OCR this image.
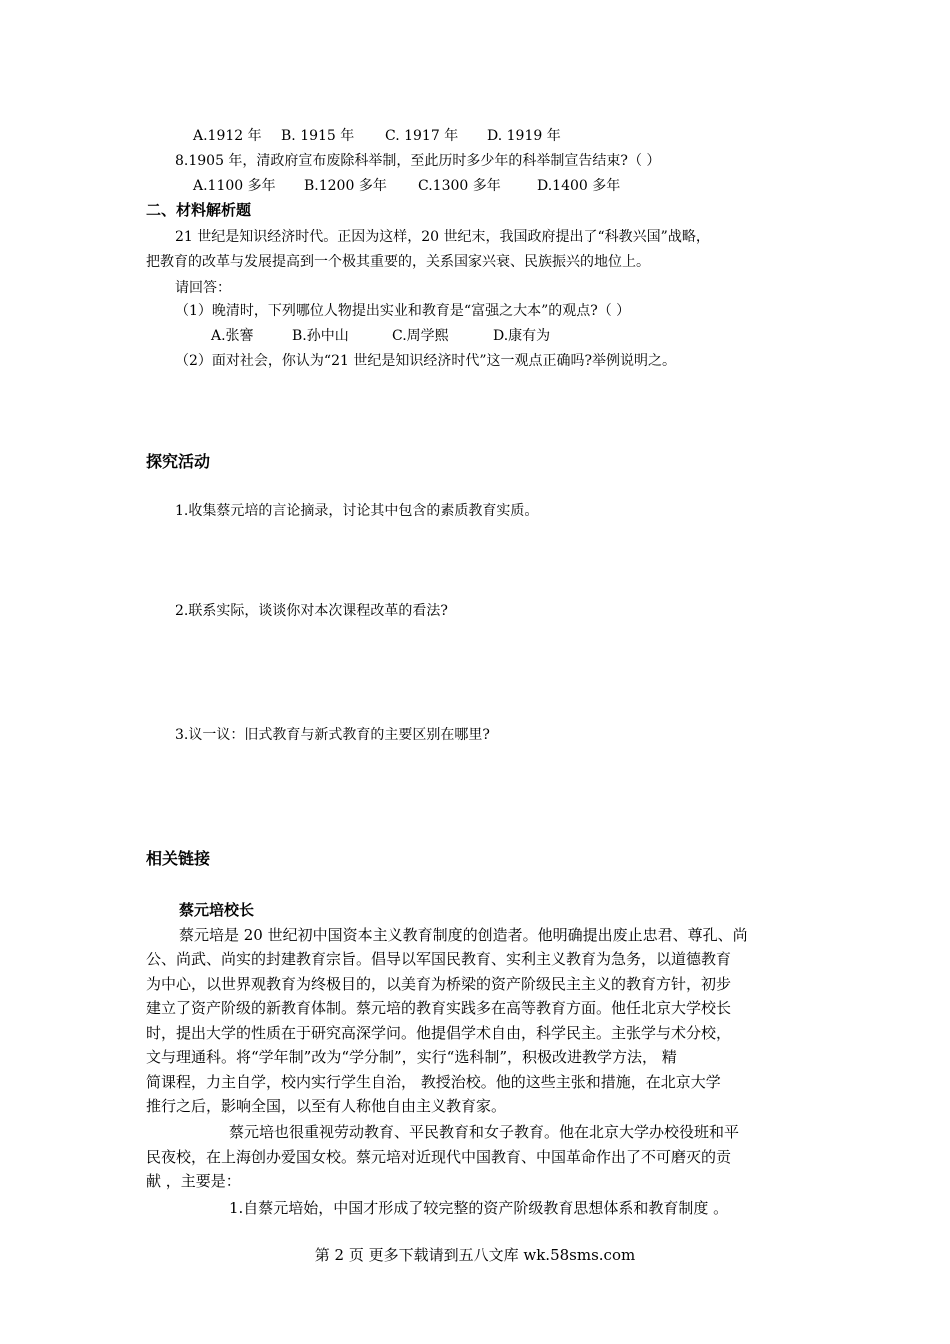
A.1912 年 B. 1915 年 C. 1917 年 D. 1919 年
8.1905 年，清政府宣布废除科举制，至此历时多少年的科举制宣告结束?（ ）
A.1100 多年 B.1200 多年 C.1300 多年	D.1400 多年
二、材料解析题
21 世纪是知识经济时代。正因为这样，20 世纪末，我国政府提出了“科教兴国”战略，
把教育的改革与发展提高到一个极其重要的，关系国家兴衰、民族振兴的地位上。
请回答：
（1）晚清时，下列哪位人物提出实业和教育是“富强之大本”的观点?（ ）
A.张謇	B.孙中山	C.周学熙	D.康有为
（2）面对社会，你认为“21 世纪是知识经济时代”这一观点正确吗?举例说明之。
探究活动
1.收集蔡元培的言论摘录，讨论其中包含的素质教育实质。
2.联系实际，谈谈你对本次课程改革的看法?
3.议一议：旧式教育与新式教育的主要区别在哪里?
相关链接
蔡元培校长
蔡元培是 20 世纪初中国资本主义教育制度的创造者。他明确提出废止忠君、尊孔、尚
公、尚武、尚实的封建教育宗旨。倡导以军国民教育、实利主义教育为急务，以道德教育
为中心，以世界观教育为终极目的，以美育为桥梁的资产阶级民主主义的教育方针，初步
建立了资产阶级的新教育体制。蔡元培的教育实践多在高等教育方面。他任北京大学校长
时，提出大学的性质在于研究高深学问。他提倡学术自由，科学民主。主张学与术分校，
文与理通科。将“学年制”改为“学分制”，实行“选科制”，积极改进教学方法， 精
简课程，力主自学，校内实行学生自治， 教授治校。他的这些主张和措施，在北京大学
推行之后，影响全国，以至有人称他自由主义教育家。
蔡元培也很重视劳动教育、平民教育和女子教育。他在北京大学办校役班和平
民夜校，在上海创办爱国女校。蔡元培对近现代中国教育、中国革命作出了不可磨灭的贡
献 ，主要是：
1.自蔡元培始，中国才形成了较完整的资产阶级教育思想体系和教育制度 。
第 2 页 更多下载请到五八文库 wk.58sms.com
